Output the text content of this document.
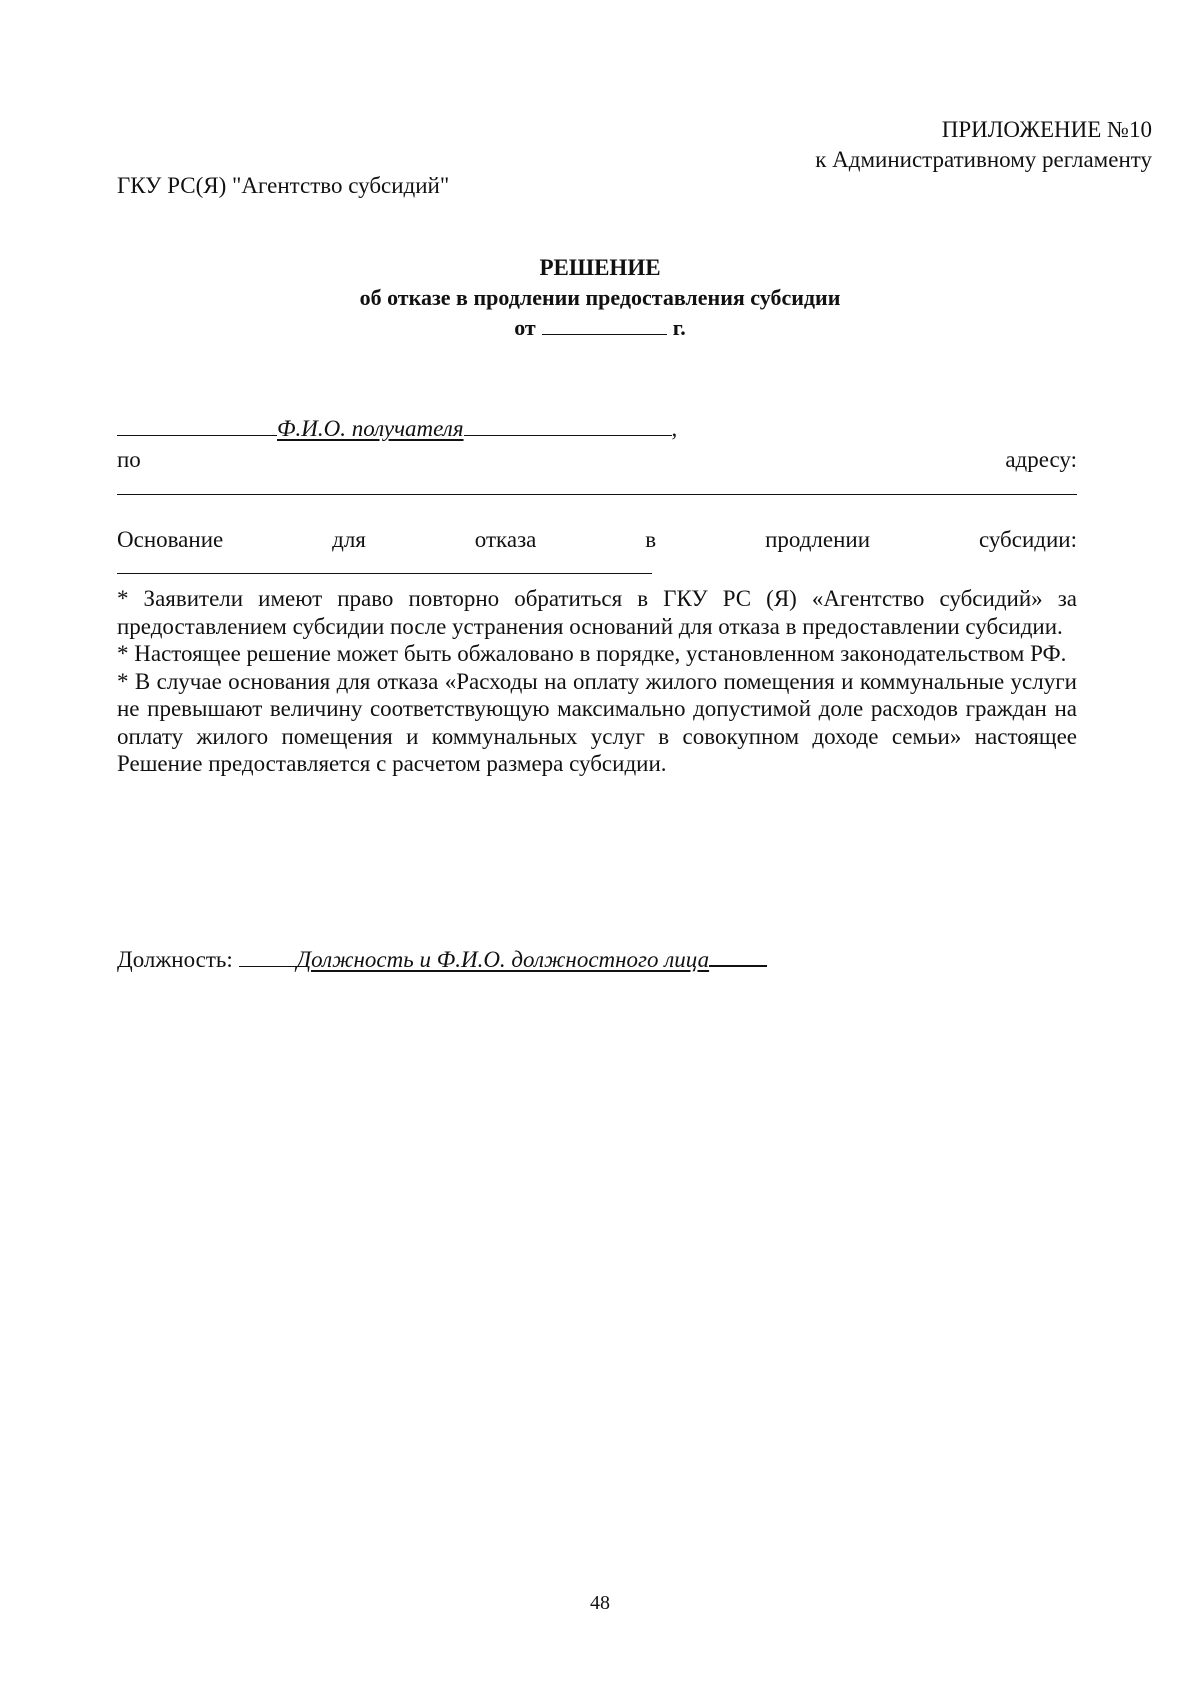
ПРИЛОЖЕНИЕ №10
к Административному регламенту
ГКУ РС(Я) "Агентство субсидий"
РЕШЕНИЕ
об отказе в продлении предоставления субсидии
от	г.
Ф.И.О. получателя	,
по	адресу:
Основание	для	отказа	в	продлении	субсидии:

* Заявители имеют право повторно обратиться в ГКУ РС (Я) «Агентство субсидий» за предоставлением субсидии после устранения оснований для отказа в предоставлении субсидии.

* Настоящее решение может быть обжаловано в порядке, установленном законодательством РФ.

* В случае основания для отказа «Расходы на оплату жилого помещения и коммунальные услуги не превышают величину соответствующую максимально допустимой доле расходов граждан на оплату жилого помещения и коммунальных услуг в совокупном доходе семьи» настоящее Решение предоставляется с расчетом размера субсидии.

Должность:	Должность и Ф.И.О. должностного лица
48
